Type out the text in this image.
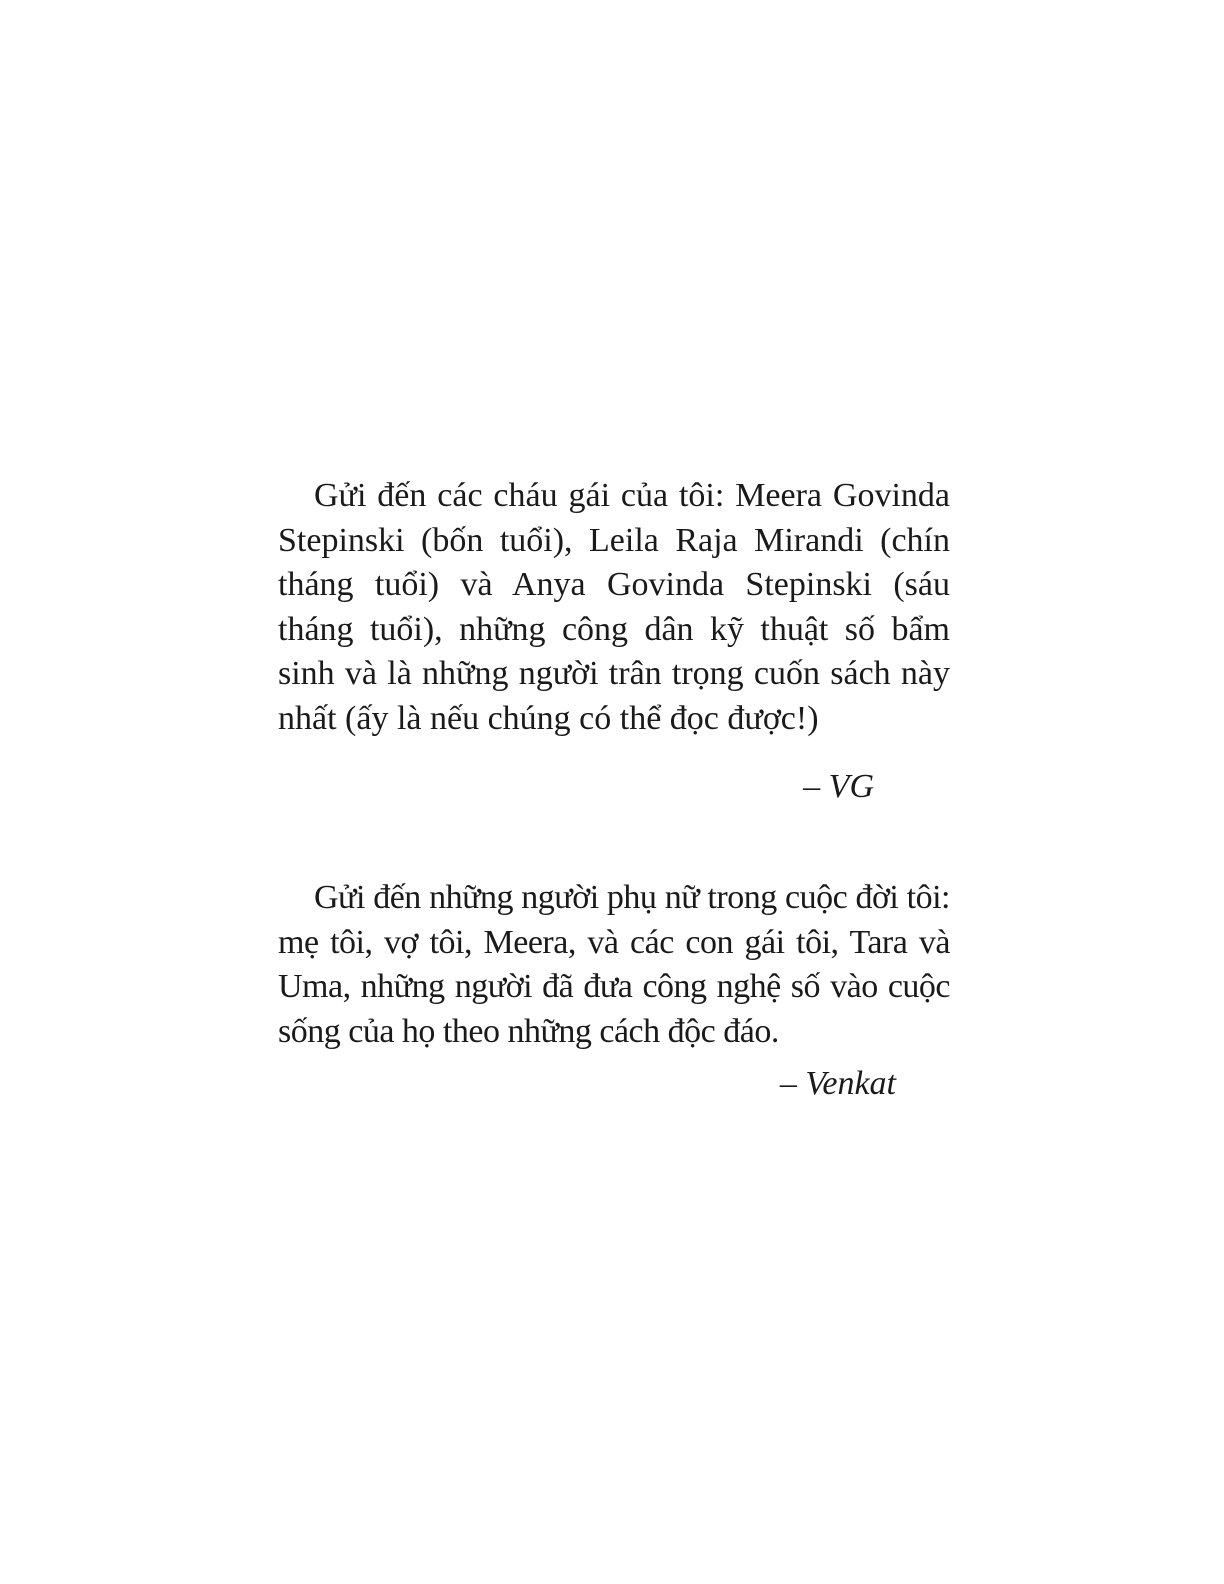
Gửi đến các cháu gái của tôi: Meera Govinda Stepinski (bốn tuổi), Leila Raja Mirandi (chín tháng tuổi) và Anya Govinda Stepinski (sáu tháng tuổi), những công dân kỹ thuật số bẩm sinh và là những người trân trọng cuốn sách này nhất (ấy là nếu chúng có thể đọc được!)

– VG

Gửi đến những người phụ nữ trong cuộc đời tôi: mẹ tôi, vợ tôi, Meera, và các con gái tôi, Tara và Uma, những người đã đưa công nghệ số vào cuộc sống của họ theo những cách độc đáo.

– Venkat
